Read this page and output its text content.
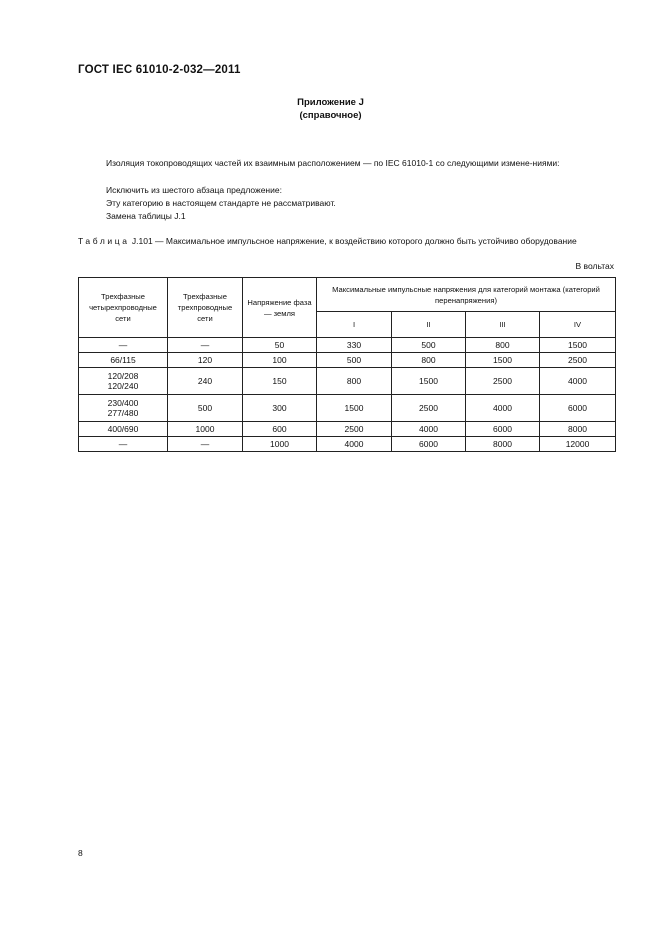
ГОСТ IEC 61010-2-032—2011
Приложение J
(справочное)
Изоляция токопроводящих частей их взаимным расположением — по IEC 61010-1 со следующими измене-ниями:
Исключить из шестого абзаца предложение:
Эту категорию в настоящем стандарте не рассматривают.
Замена таблицы J.1
Таблица J.101 — Максимальное импульсное напряжение, к воздействию которого должно быть устойчиво оборудование
В вольтах
Трехфазные четырехпроводные сети	Трехфазные трехпроводные сети	Напряжение фаза — земля	Максимальные импульсные напряжения для категорий монтажа (категорий перенапряжения)			
			I	II	III	IV

—	—	50	330	500	800	1500

66/115	120	100	500	800	1500	2500

120/208
120/240	240	150	800	1500	2500	4000

230/400
277/480	500	300	1500	2500	4000	6000

400/690	1000	600	2500	4000	6000	8000

—	—	1000	4000	6000	8000	12000
8
